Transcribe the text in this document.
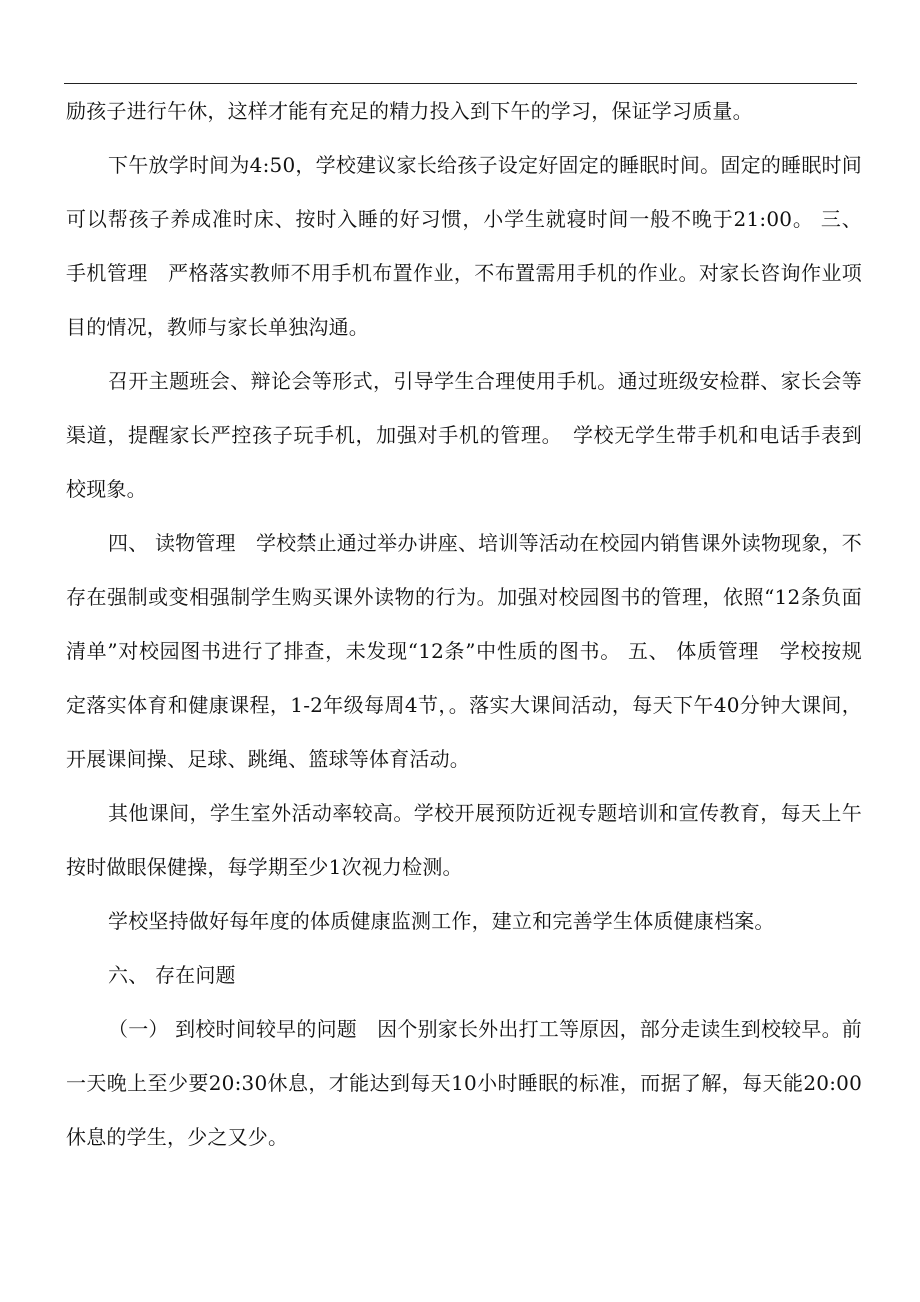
励孩子进行午休，这样才能有充足的精力投入到下午的学习，保证学习质量。

下午放学时间为4:50，学校建议家长给孩子设定好固定的睡眠时间。固定的睡眠时间可以帮孩子养成准时床、按时入睡的好习惯，小学生就寝时间一般不晚于21:00。 三、 手机管理　严格落实教师不用手机布置作业，不布置需用手机的作业。对家长咨询作业项目的情况，教师与家长单独沟通。

召开主题班会、辩论会等形式，引导学生合理使用手机。通过班级安检群、家长会等渠道，提醒家长严控孩子玩手机，加强对手机的管理。　学校无学生带手机和电话手表到校现象。

四、 读物管理　学校禁止通过举办讲座、培训等活动在校园内销售课外读物现象，不存在强制或变相强制学生购买课外读物的行为。加强对校园图书的管理，依照“12条负面清单”对校园图书进行了排查，未发现“12条”中性质的图书。 五、 体质管理　学校按规定落实体育和健康课程，1-2年级每周4节，。落实大课间活动，每天下午40分钟大课间，开展课间操、足球、跳绳、篮球等体育活动。

其他课间，学生室外活动率较高。学校开展预防近视专题培训和宣传教育，每天上午按时做眼保健操，每学期至少1次视力检测。

学校坚持做好每年度的体质健康监测工作，建立和完善学生体质健康档案。

六、 存在问题

（一） 到校时间较早的问题　因个别家长外出打工等原因，部分走读生到校较早。前一天晚上至少要20:30休息，才能达到每天10小时睡眠的标准，而据了解，每天能20:00休息的学生，少之又少。
